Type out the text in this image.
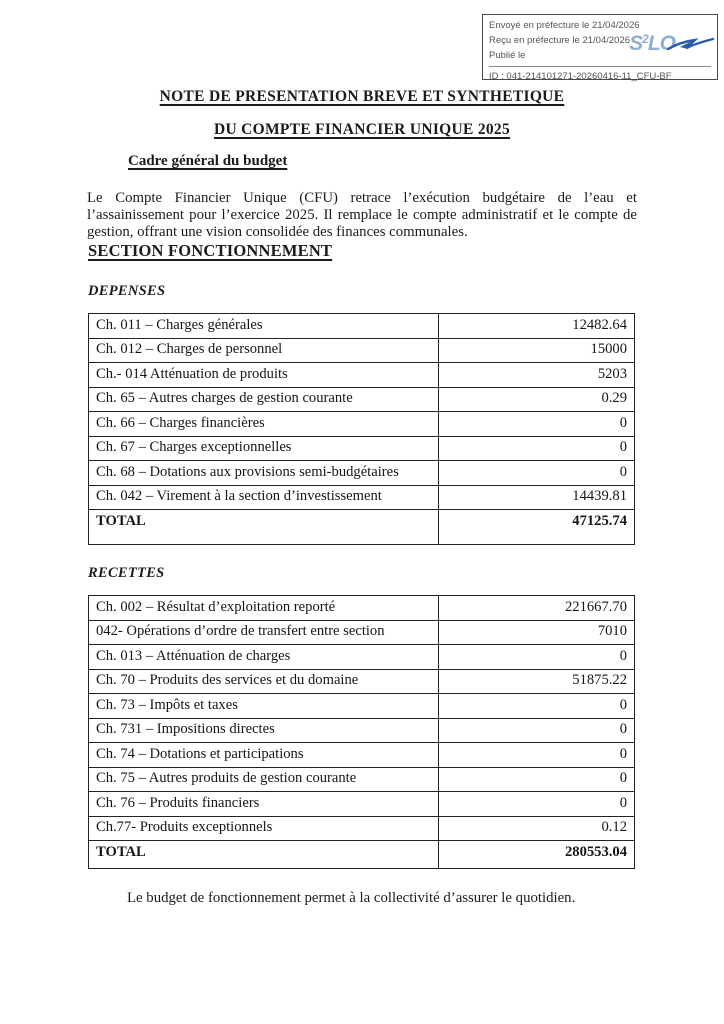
Envoyé en préfecture le 21/04/2026
Reçu en préfecture le 21/04/2026
Publié le
ID : 041-214101271-20260416-11_CFU-BF
$S^2LO$
NOTE DE PRESENTATION BREVE ET SYNTHETIQUE
DU COMPTE FINANCIER UNIQUE 2025
Cadre général du budget

Le Compte Financier Unique (CFU) retrace l’exécution budgétaire de l’eau et l’assainissement pour l’exercice 2025. Il remplace le compte administratif et le compte de gestion, offrant une vision consolidée des finances communales.

SECTION FONCTIONNEMENT
DEPENSES
Ch. 011 – Charges générales	12482.64
Ch. 012 – Charges de personnel	15000
Ch.- 014 Atténuation de produits	5203
Ch. 65 – Autres charges de gestion courante	0.29
Ch. 66 – Charges financières	0
Ch. 67 – Charges exceptionnelles	0
Ch. 68 – Dotations aux provisions semi-budgétaires	0
Ch. 042 – Virement à la section d’investissement	14439.81
TOTAL	47125.74
RECETTES
Ch. 002 – Résultat d’exploitation reporté	221667.70
042- Opérations d’ordre de transfert entre section	7010
Ch. 013 – Atténuation de charges	0
Ch. 70 – Produits des services et du domaine	51875.22
Ch. 73 – Impôts et taxes	0
Ch. 731 – Impositions directes	0
Ch. 74 – Dotations et participations	0
Ch. 75 – Autres produits de gestion courante	0
Ch. 76 – Produits financiers	0
Ch.77- Produits exceptionnels	0.12
TOTAL	280553.04

Le budget de fonctionnement permet à la collectivité d’assurer le quotidien.
